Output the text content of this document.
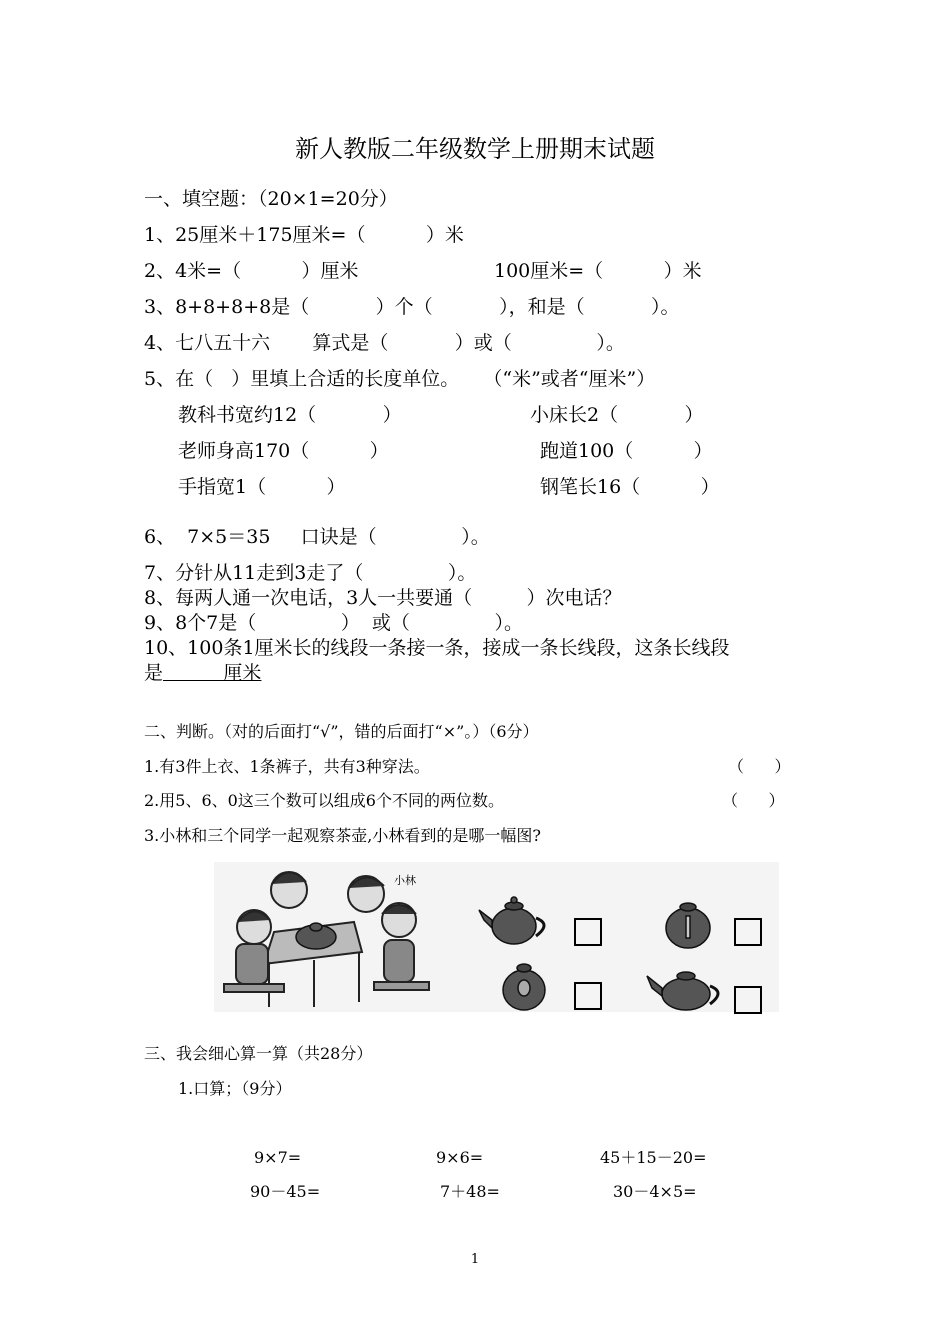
新人教版二年级数学上册期末试题
一、填空题：（20×1=20分）
1、25厘米＋175厘米=（          ）米
2、4米=（          ）厘米	100厘米=（          ）米
3、8+8+8+8是（           ）个（           ），和是（           ）。
4、七八五十六       算式是（           ）或（              ）。
5、在（   ）里填上合适的长度单位。    （“米”或者“厘米”）
教科书宽约12（           ）	小床长2（           ）
老师身高170（          ）	跑道100（          ）
手指宽1（          ）	钢笔长16（          ）
6、  7×5＝35     口诀是（              ）。
7、分针从11走到3走了（              ）。
8、每两人通一次电话，3人一共要通（         ）次电话？
9、8个7是（              ）  或（              ）。
10、100条1厘米长的线段一条接一条，接成一条长线段，这条长线段
是          厘米
二、判断。（对的后面打“√”，错的后面打“×”。）（6分）
1.有3件上衣、1条裤子，共有3种穿法。	（      ）
2.用5、6、0这三个数可以组成6个不同的两位数。	（      ）
3.小林和三个同学一起观察茶壶,小林看到的是哪一幅图?
小林
三、我会细心算一算（共28分）
1.口算；（9分）
9×7=	9×6=	45＋15－20=
90－45=	7＋48=	30－4×5=
1
